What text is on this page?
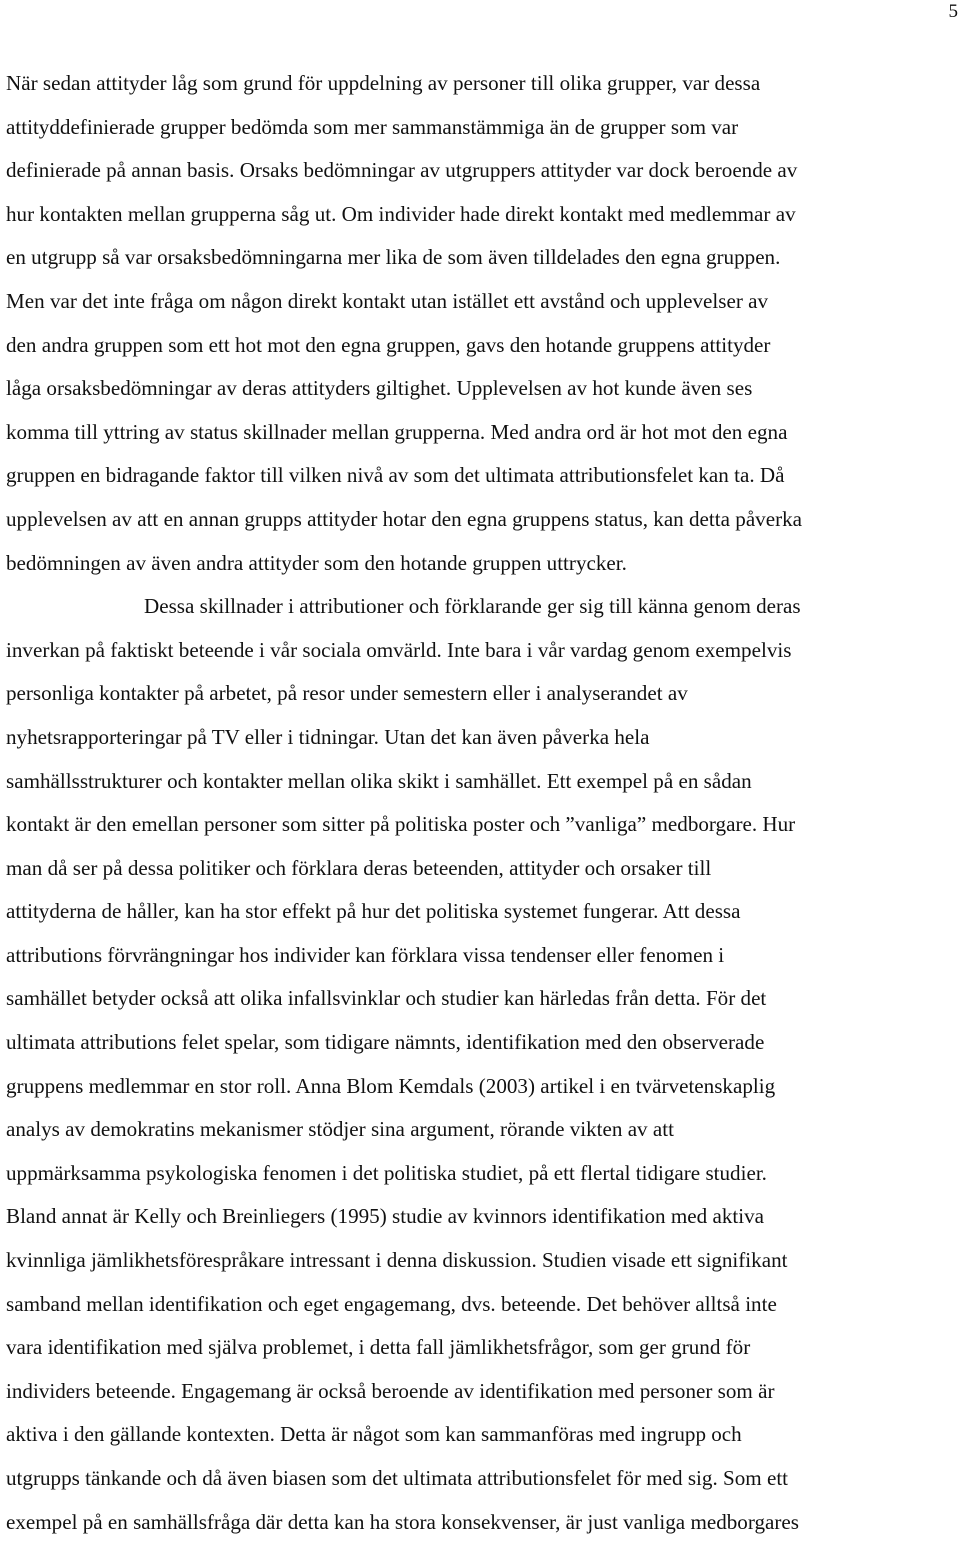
5
När sedan attityder låg som grund för uppdelning av personer till olika grupper, var dessa
attityddefinierade grupper bedömda som mer sammanstämmiga än de grupper som var
definierade på annan basis. Orsaks bedömningar av utgruppers attityder var dock beroende av
hur kontakten mellan grupperna såg ut. Om individer hade direkt kontakt med medlemmar av
en utgrupp så var orsaksbedömningarna mer lika de som även tilldelades den egna gruppen.
Men var det inte fråga om någon direkt kontakt utan istället ett avstånd och upplevelser av
den andra gruppen som ett hot mot den egna gruppen, gavs den hotande gruppens attityder
låga orsaksbedömningar av deras attityders giltighet. Upplevelsen av hot kunde även ses
komma till yttring av status skillnader mellan grupperna. Med andra ord är hot mot den egna
gruppen en bidragande faktor till vilken nivå av som det ultimata attributionsfelet kan ta. Då
upplevelsen av att en annan grupps attityder hotar den egna gruppens status, kan detta påverka
bedömningen av även andra attityder som den hotande gruppen uttrycker.
Dessa skillnader i attributioner och förklarande ger sig till känna genom deras
inverkan på faktiskt beteende i vår sociala omvärld. Inte bara i vår vardag genom exempelvis
personliga kontakter på arbetet, på resor under semestern eller i analyserandet av
nyhetsrapporteringar på TV eller i tidningar. Utan det kan även påverka hela
samhällsstrukturer och kontakter mellan olika skikt i samhället. Ett exempel på en sådan
kontakt är den emellan personer som sitter på politiska poster och ”vanliga” medborgare. Hur
man då ser på dessa politiker och förklara deras beteenden, attityder och orsaker till
attityderna de håller, kan ha stor effekt på hur det politiska systemet fungerar. Att dessa
attributions förvrängningar hos individer kan förklara vissa tendenser eller fenomen i
samhället betyder också att olika infallsvinklar och studier kan härledas från detta. För det
ultimata attributions felet spelar, som tidigare nämnts, identifikation med den observerade
gruppens medlemmar en stor roll. Anna Blom Kemdals (2003) artikel i en tvärvetenskaplig
analys av demokratins mekanismer stödjer sina argument, rörande vikten av att
uppmärksamma psykologiska fenomen i det politiska studiet, på ett flertal tidigare studier.
Bland annat är Kelly och Breinliegers (1995) studie av kvinnors identifikation med aktiva
kvinnliga jämlikhetsförespråkare intressant i denna diskussion. Studien visade ett signifikant
samband mellan identifikation och eget engagemang, dvs. beteende. Det behöver alltså inte
vara identifikation med själva problemet, i detta fall jämlikhetsfrågor, som ger grund för
individers beteende. Engagemang är också beroende av identifikation med personer som är
aktiva i den gällande kontexten. Detta är något som kan sammanföras med ingrupp och
utgrupps tänkande och då även biasen som det ultimata attributionsfelet för med sig. Som ett
exempel på en samhällsfråga där detta kan ha stora konsekvenser, är just vanliga medborgares
